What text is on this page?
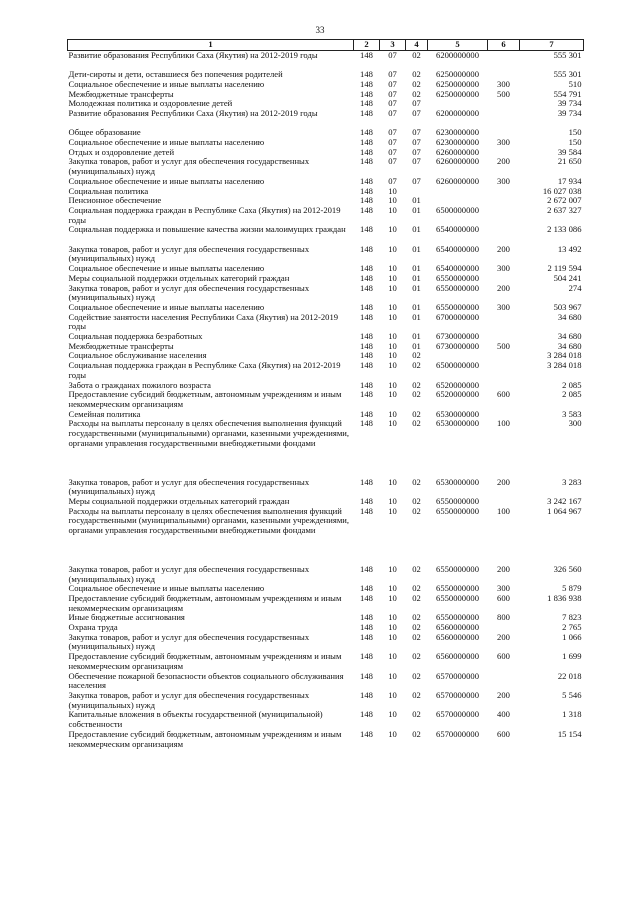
33
1	2	3	4	5	6	7
Развитие образования Республики Саха (Якутия) на 2012-2019 годы	148	07	02	6200000000		555 301

Дети-сироты и дети, оставшиеся без попечения родителей	148	07	02	6250000000		555 301
Социальное обеспечение и иные выплаты населению	148	07	02	6250000000	300	510
Межбюджетные трансферты	148	07	02	6250000000	500	554 791
Молодежная политика и оздоровление детей	148	07	07			39 734
Развитие образования Республики Саха (Якутия) на 2012-2019 годы	148	07	07	6200000000		39 734

Общее образование	148	07	07	6230000000		150
Социальное обеспечение и иные выплаты населению	148	07	07	6230000000	300	150
Отдых и оздоровление детей	148	07	07	6260000000		39 584
Закупка товаров, работ и услуг для обеспечения государственных (муниципальных) нужд	148	07	07	6260000000	200	21 650
Социальное обеспечение и иные выплаты населению	148	07	07	6260000000	300	17 934
Социальная политика	148	10				16 027 038
Пенсионное обеспечение	148	10	01			2 672 007
Социальная поддержка граждан в Республике Саха (Якутия) на 2012-2019 годы	148	10	01	6500000000		2 637 327
Социальная поддержка и повышение качества жизни малоимущих граждан	148	10	01	6540000000		2 133 086
Закупка товаров, работ и услуг для обеспечения государственных (муниципальных) нужд	148	10	01	6540000000	200	13 492
Социальное обеспечение и иные выплаты населению	148	10	01	6540000000	300	2 119 594
Меры социальной поддержки отдельных категорий граждан	148	10	01	6550000000		504 241
Закупка товаров, работ и услуг для обеспечения государственных (муниципальных) нужд	148	10	01	6550000000	200	274
Социальное обеспечение и иные выплаты населению	148	10	01	6550000000	300	503 967
Содействие занятости населения Республики Саха (Якутия) на 2012-2019 годы	148	10	01	6700000000		34 680
Социальная поддержка безработных	148	10	01	6730000000		34 680
Межбюджетные трансферты	148	10	01	6730000000	500	34 680
Социальное обслуживание населения	148	10	02			3 284 018
Социальная поддержка граждан в Республике Саха (Якутия) на 2012-2019 годы	148	10	02	6500000000		3 284 018
Забота о гражданах пожилого возраста	148	10	02	6520000000		2 085
Предоставление субсидий бюджетным, автономным учреждениям и иным некоммерческим организациям	148	10	02	6520000000	600	2 085
Семейная политика	148	10	02	6530000000		3 583
Расходы на выплаты персоналу в целях обеспечения выполнения функций государственными (муниципальными) органами, казенными учреждениями, органами управления государственными внебюджетными фондами	148	10	02	6530000000	100	300
Закупка товаров, работ и услуг для обеспечения государственных (муниципальных) нужд	148	10	02	6530000000	200	3 283
Меры социальной поддержки отдельных категорий граждан	148	10	02	6550000000		3 242 167
Расходы на выплаты персоналу в целях обеспечения выполнения функций государственными (муниципальными) органами, казенными учреждениями, органами управления государственными внебюджетными фондами	148	10	02	6550000000	100	1 064 967
Закупка товаров, работ и услуг для обеспечения государственных (муниципальных) нужд	148	10	02	6550000000	200	326 560
Социальное обеспечение и иные выплаты населению	148	10	02	6550000000	300	5 879
Предоставление субсидий бюджетным, автономным учреждениям и иным некоммерческим организациям	148	10	02	6550000000	600	1 836 938
Иные бюджетные ассигнования	148	10	02	6550000000	800	7 823
Охрана труда	148	10	02	6560000000		2 765
Закупка товаров, работ и услуг для обеспечения государственных (муниципальных) нужд	148	10	02	6560000000	200	1 066
Предоставление субсидий бюджетным, автономным учреждениям и иным некоммерческим организациям	148	10	02	6560000000	600	1 699
Обеспечение пожарной безопасности объектов социального обслуживания населения	148	10	02	6570000000		22 018
Закупка товаров, работ и услуг для обеспечения государственных (муниципальных) нужд	148	10	02	6570000000	200	5 546
Капитальные вложения в объекты государственной (муниципальной) собственности	148	10	02	6570000000	400	1 318
Предоставление субсидий бюджетным, автономным учреждениям и иным некоммерческим организациям	148	10	02	6570000000	600	15 154
